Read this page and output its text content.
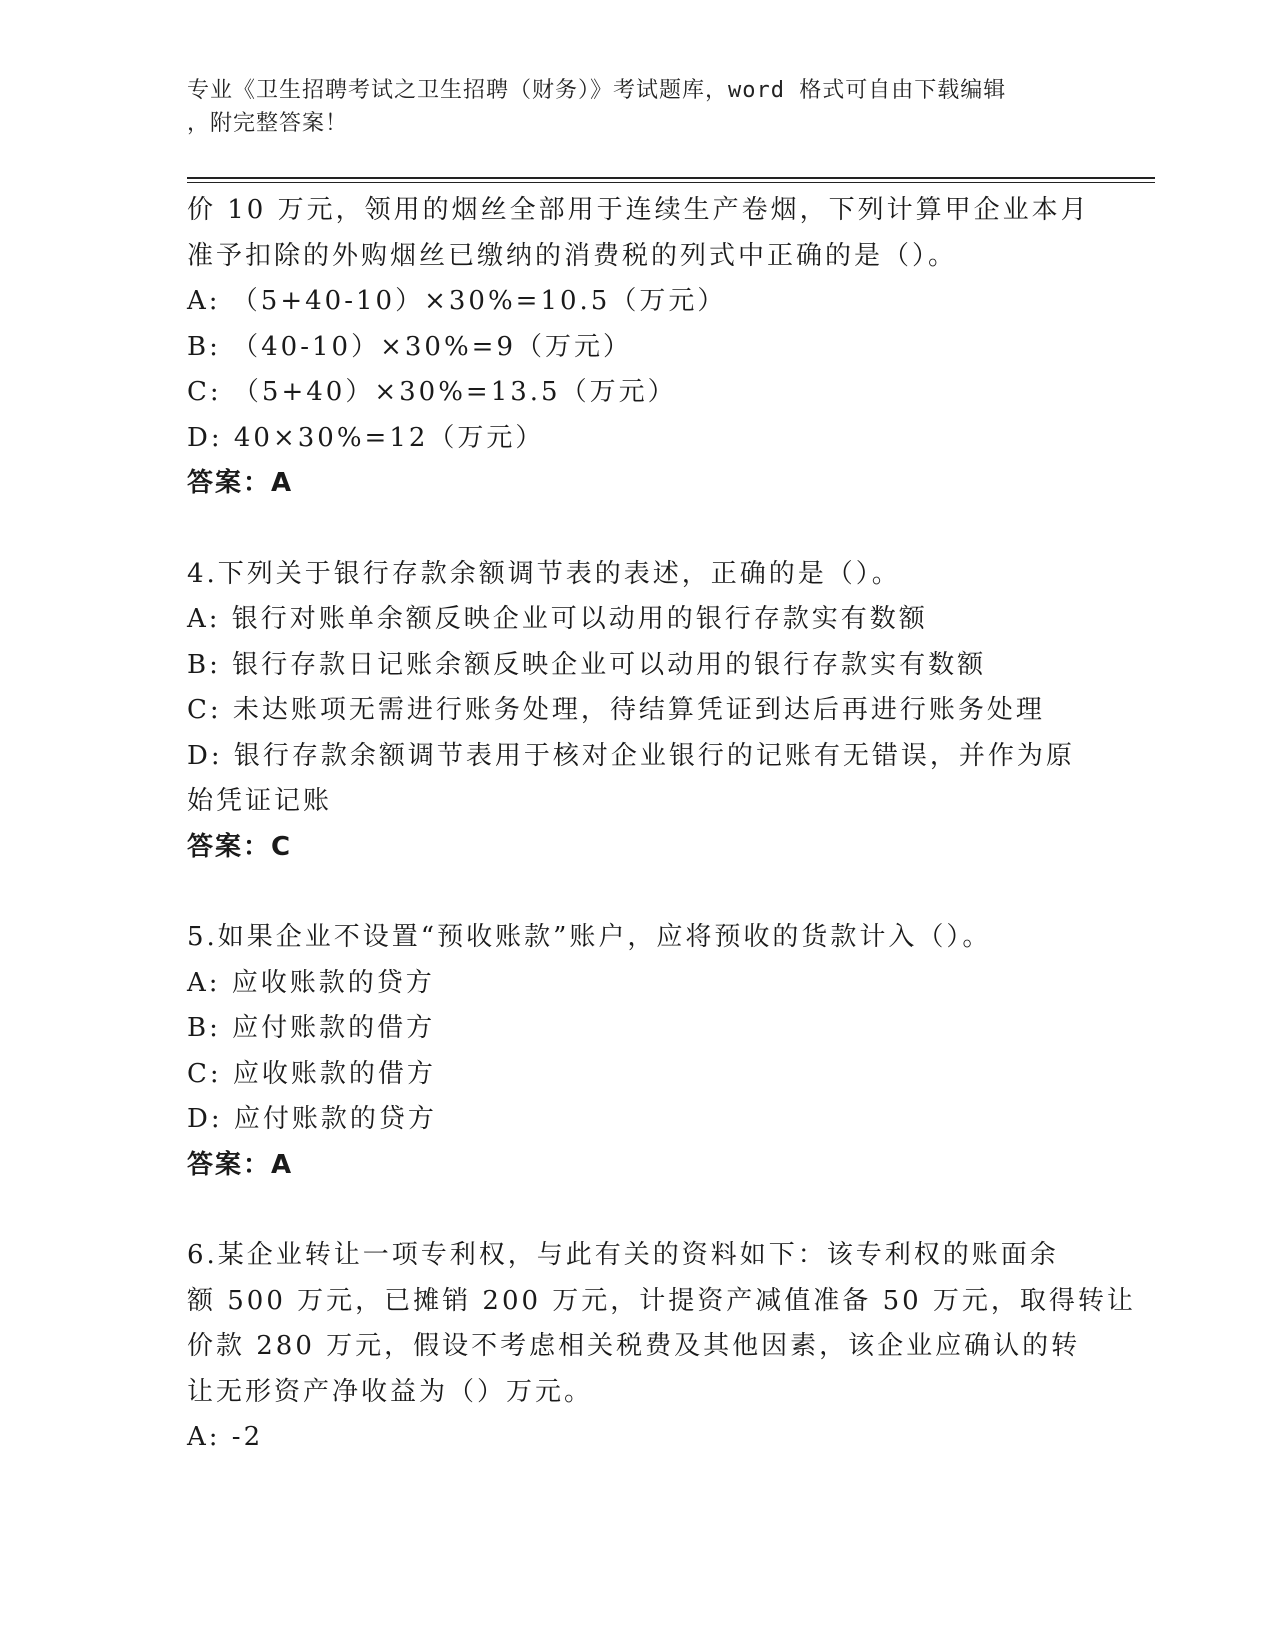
专业《卫生招聘考试之卫生招聘（财务）》考试题库，word 格式可自由下载编辑
，附完整答案！
价 10 万元，领用的烟丝全部用于连续生产卷烟，下列计算甲企业本月
准予扣除的外购烟丝已缴纳的消费税的列式中正确的是（）。
A: （5+40-10）×30%=10.5（万元）
B: （40-10）×30%=9（万元）
C: （5+40）×30%=13.5（万元）
D: 40×30%=12（万元）
答案：A
4.下列关于银行存款余额调节表的表述，正确的是（）。
A: 银行对账单余额反映企业可以动用的银行存款实有数额
B: 银行存款日记账余额反映企业可以动用的银行存款实有数额
C: 未达账项无需进行账务处理，待结算凭证到达后再进行账务处理
D: 银行存款余额调节表用于核对企业银行的记账有无错误，并作为原
始凭证记账
答案：C
5.如果企业不设置“预收账款”账户，应将预收的货款计入（）。
A: 应收账款的贷方
B: 应付账款的借方
C: 应收账款的借方
D: 应付账款的贷方
答案：A
6.某企业转让一项专利权，与此有关的资料如下：该专利权的账面余
额 500 万元，已摊销 200 万元，计提资产减值准备 50 万元，取得转让
价款 280 万元，假设不考虑相关税费及其他因素，该企业应确认的转
让无形资产净收益为（）万元。
A: -2
